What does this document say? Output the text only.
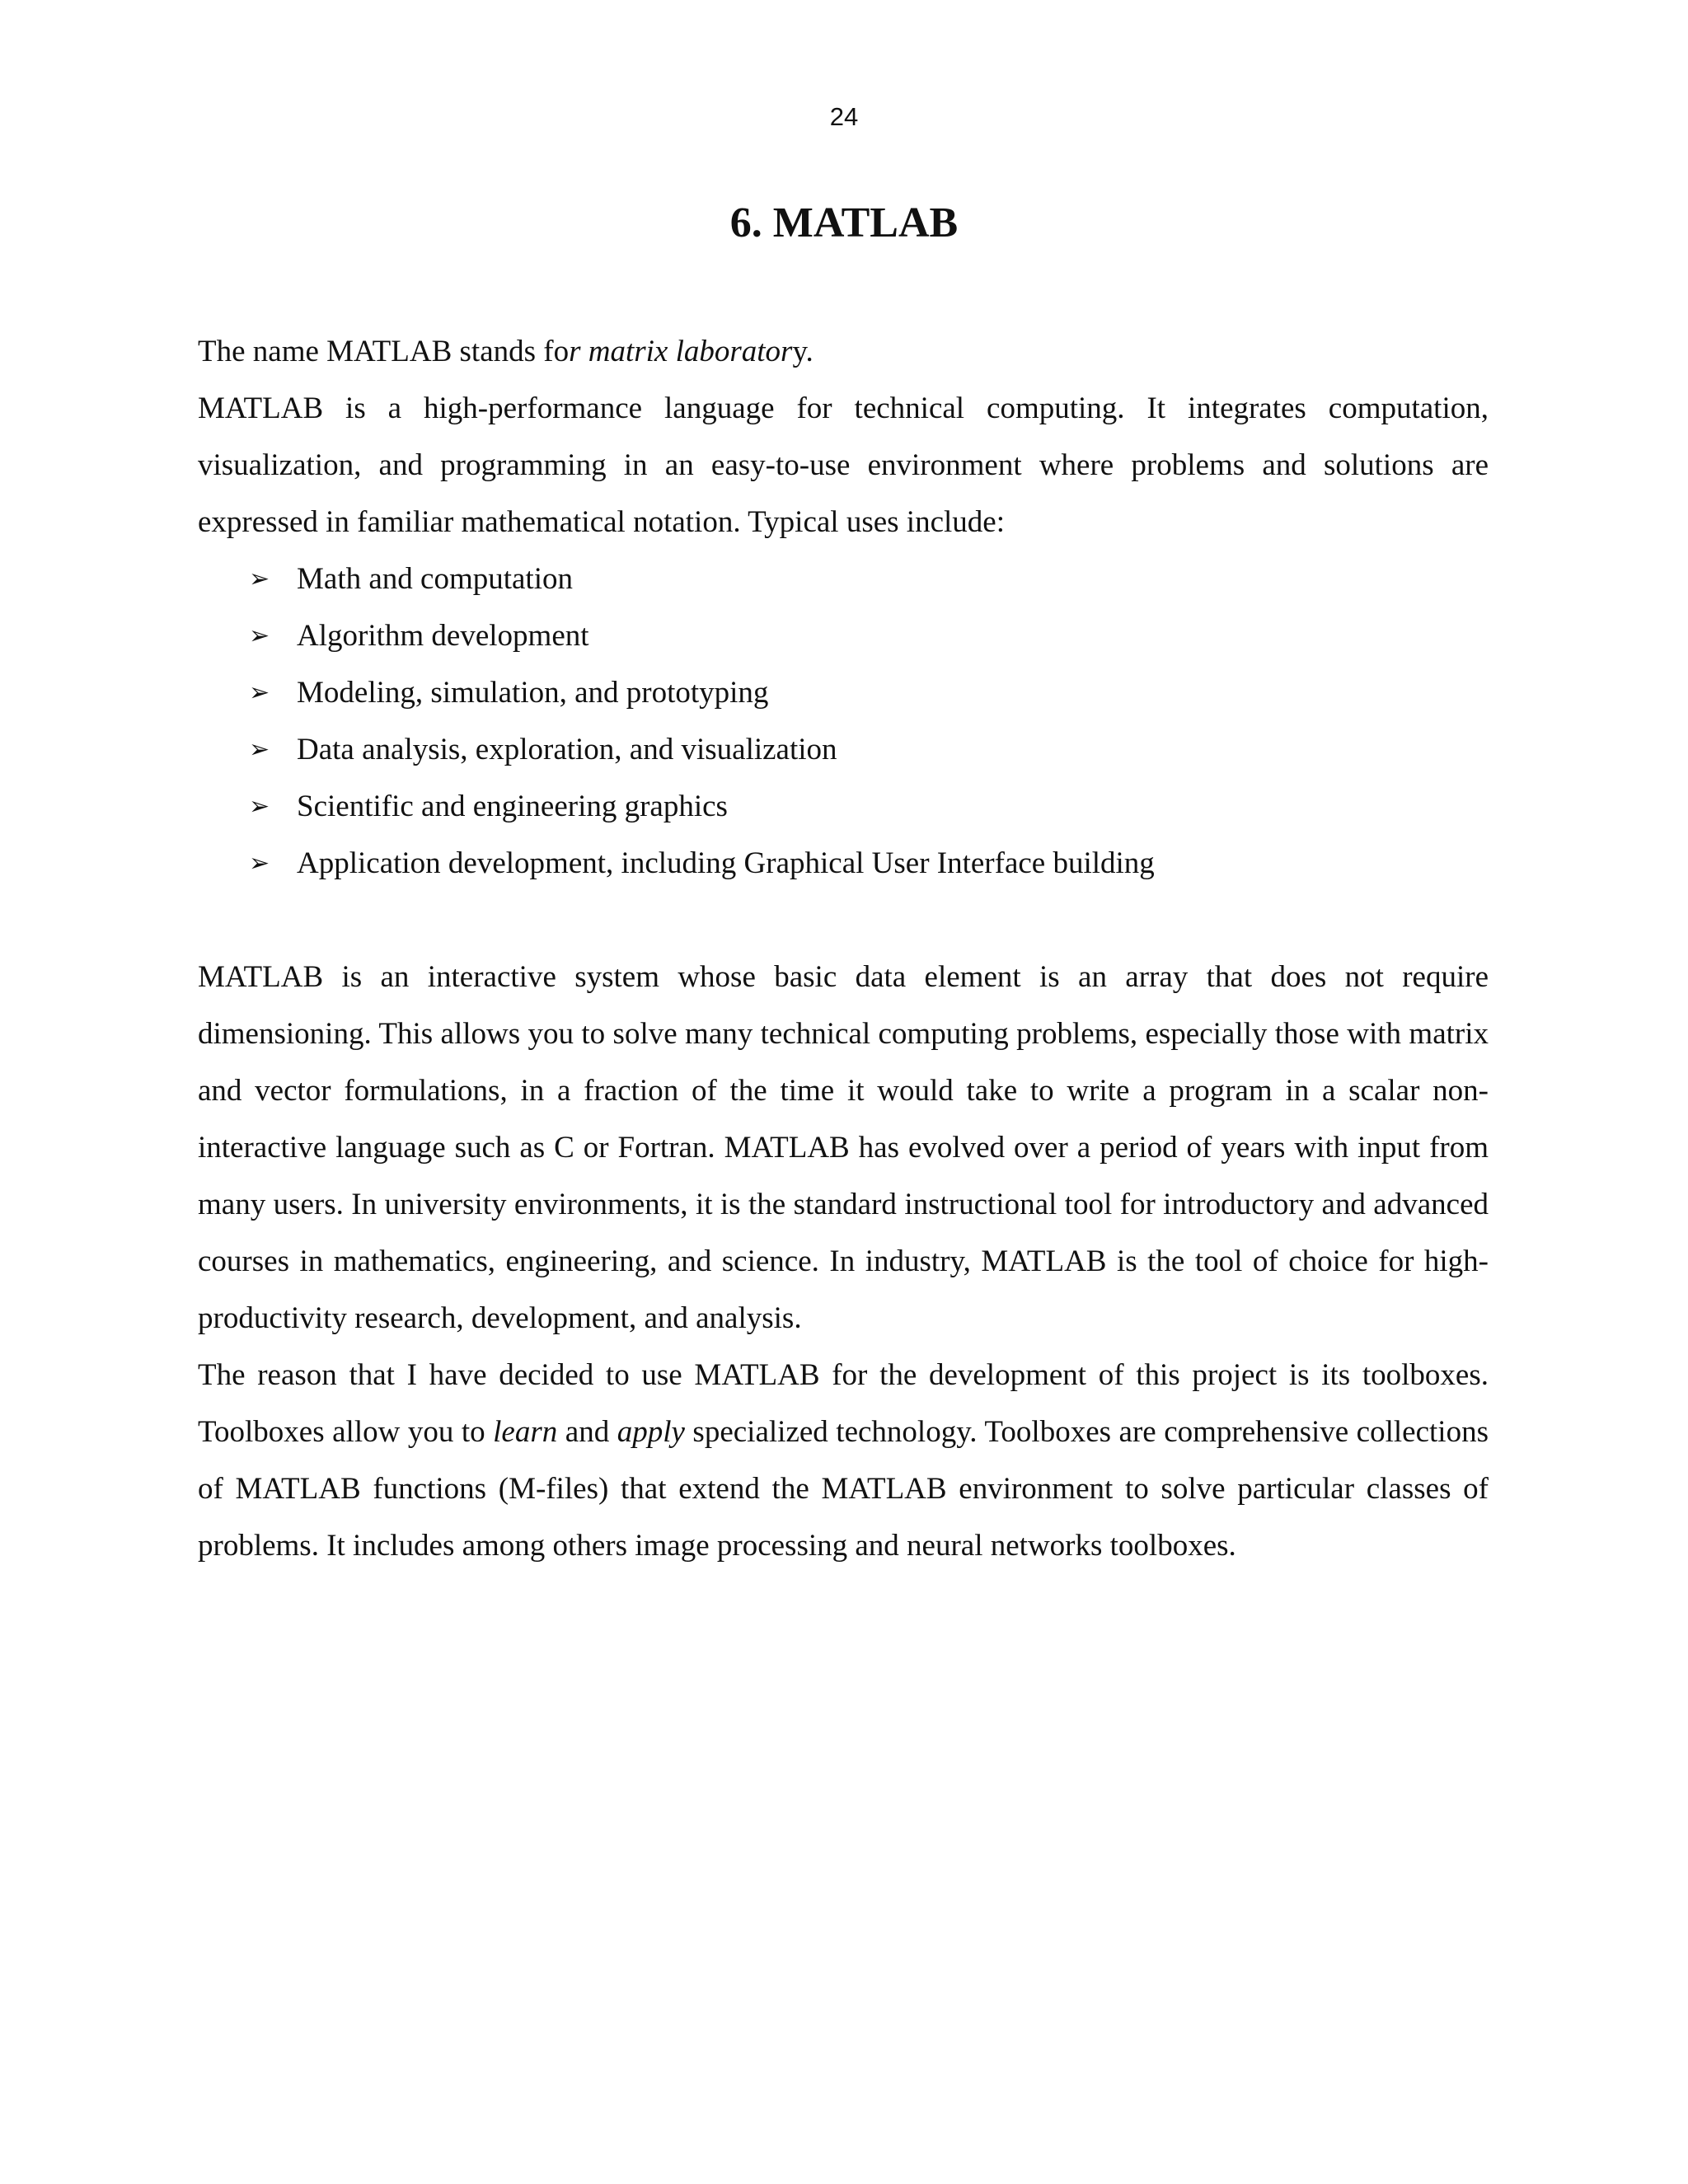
24
6. MATLAB

The name MATLAB stands for matrix laboratory.

MATLAB is a high-performance language for technical computing. It integrates computation, visualization, and programming in an easy-to-use environment where problems and solutions are expressed in familiar mathematical notation. Typical uses include:

➢ Math and computation
➢ Algorithm development
➢ Modeling, simulation, and prototyping
➢ Data analysis, exploration, and visualization
➢ Scientific and engineering graphics
➢ Application development, including Graphical User Interface building

MATLAB is an interactive system whose basic data element is an array that does not require dimensioning. This allows you to solve many technical computing problems, especially those with matrix and vector formulations, in a fraction of the time it would take to write a program in a scalar non-interactive language such as C or Fortran. MATLAB has evolved over a period of years with input from many users. In university environments, it is the standard instructional tool for introductory and advanced courses in mathematics, engineering, and science. In industry, MATLAB is the tool of choice for high-productivity research, development, and analysis.

The reason that I have decided to use MATLAB for the development of this project is its toolboxes. Toolboxes allow you to learn and apply specialized technology. Toolboxes are comprehensive collections of MATLAB functions (M-files) that extend the MATLAB environment to solve particular classes of problems. It includes among others image processing and neural networks toolboxes.
